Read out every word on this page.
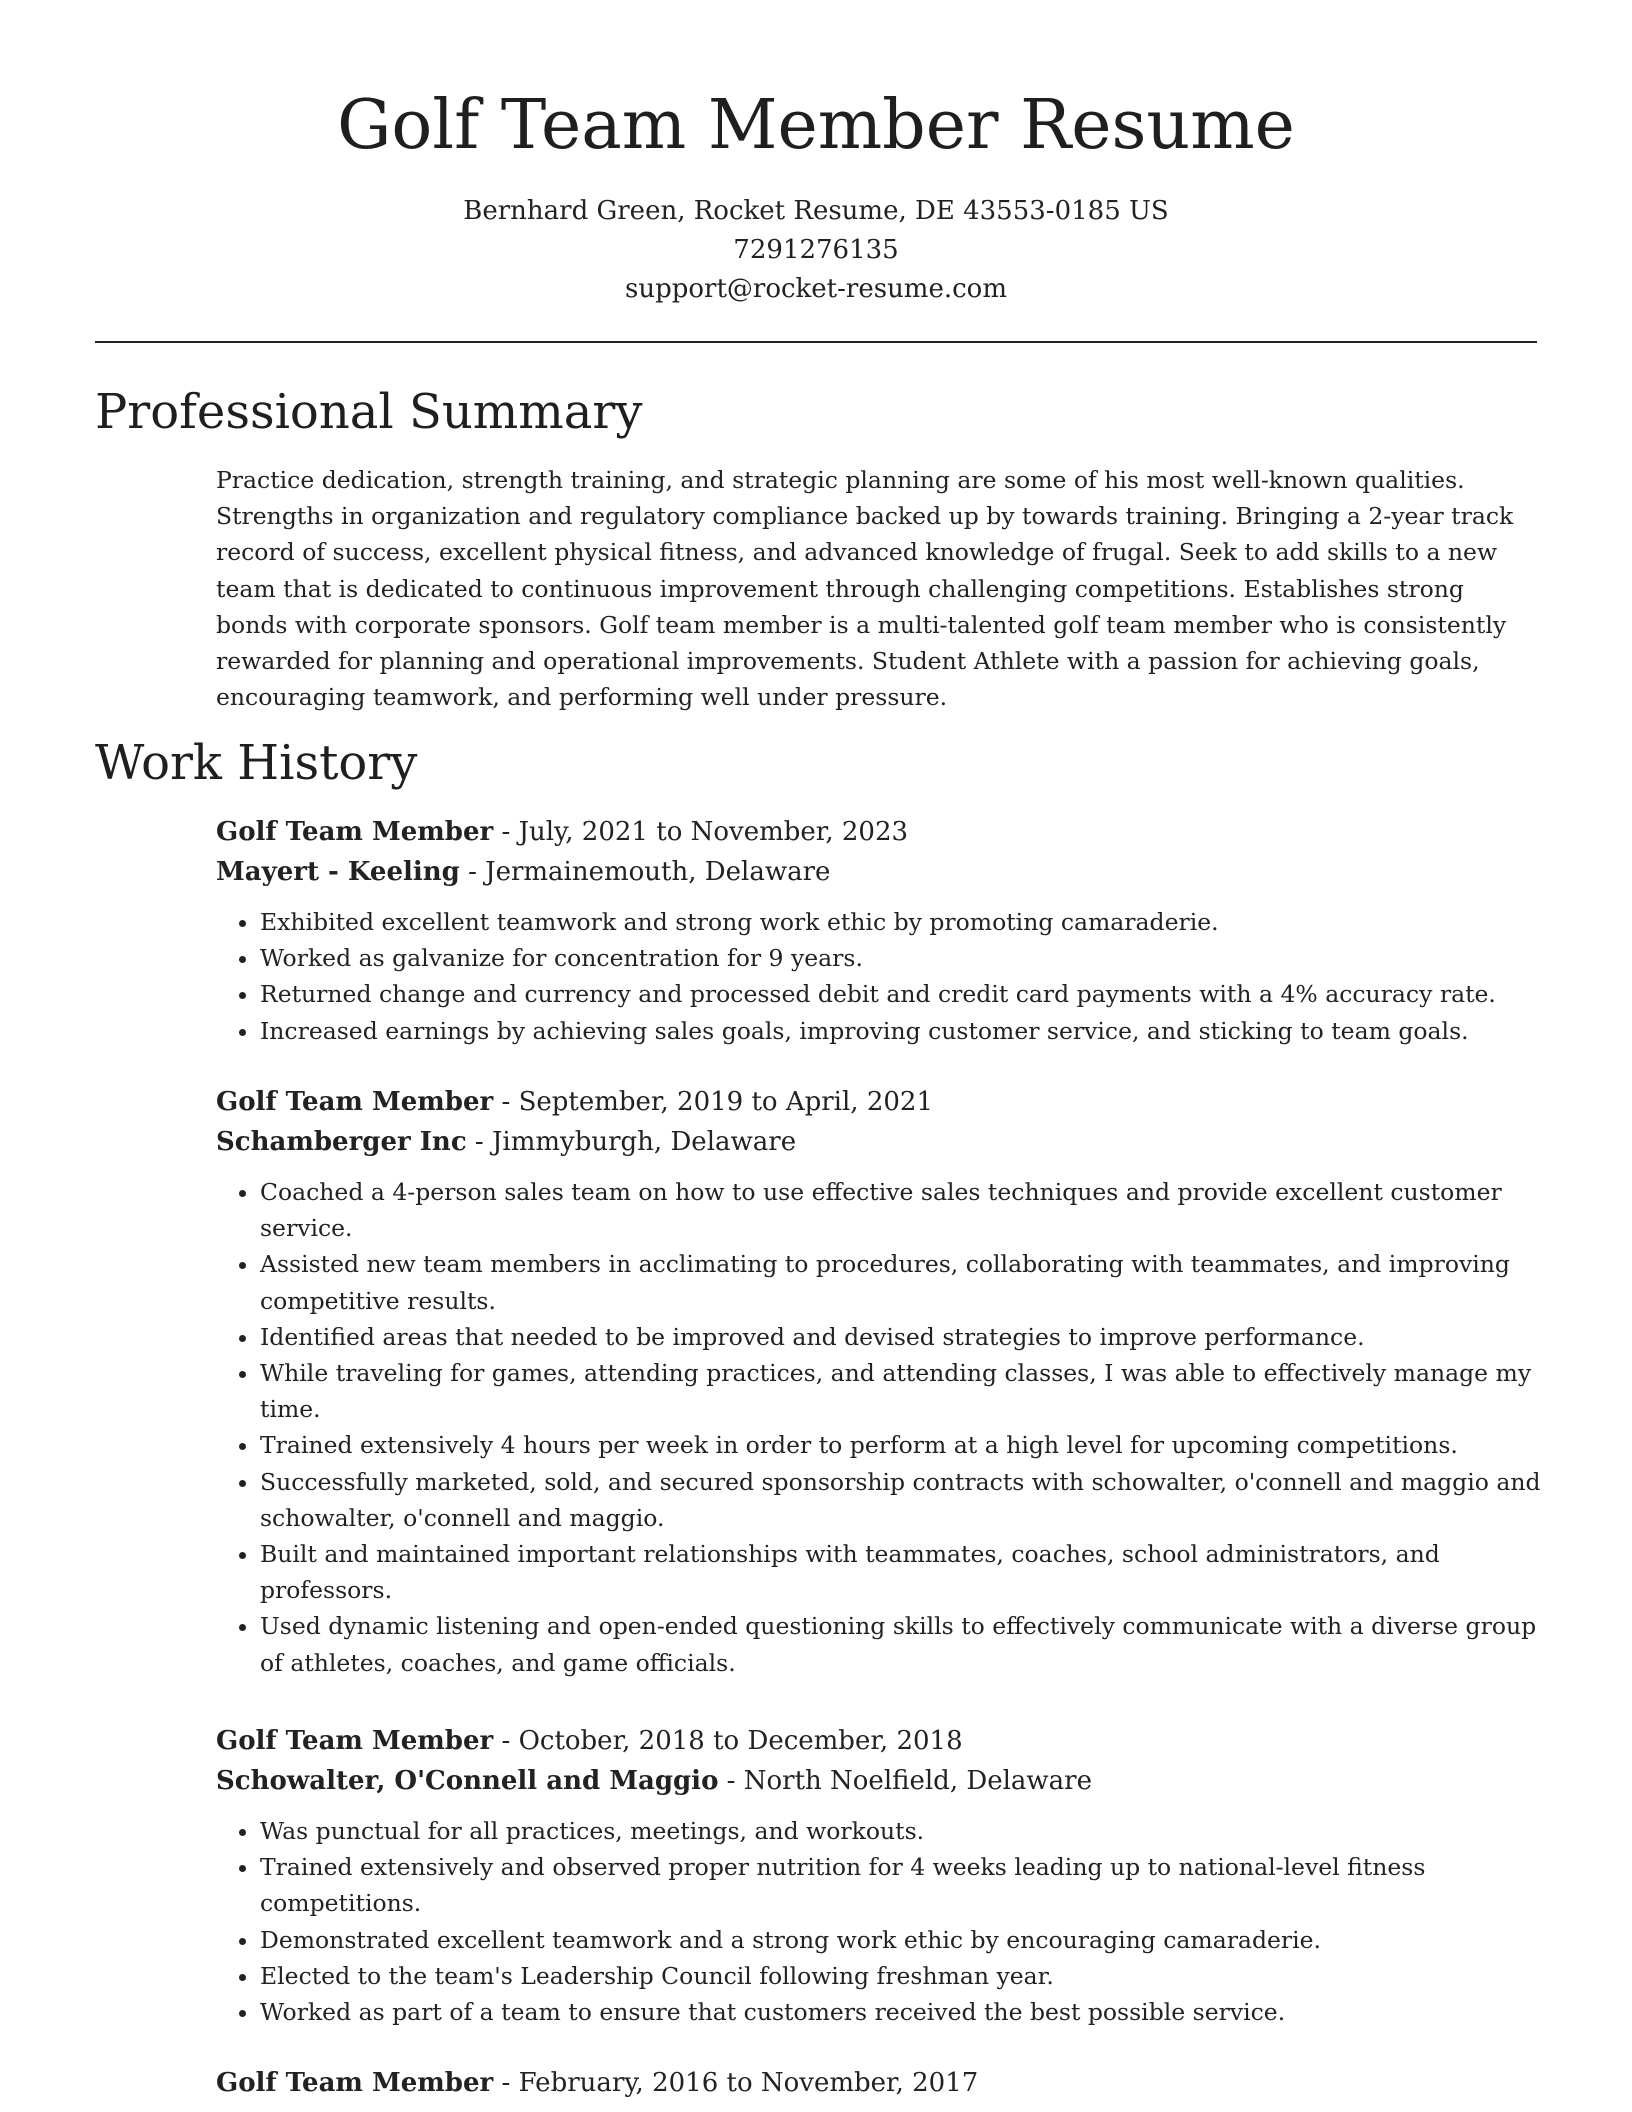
Golf Team Member Resume
Bernhard Green, Rocket Resume, DE 43553-0185 US
7291276135
support@rocket-resume.com
Professional Summary

Practice dedication, strength training, and strategic planning are some of his most well-known qualities. Strengths in organization and regulatory compliance backed up by towards training. Bringing a 2-year track record of success, excellent physical fitness, and advanced knowledge of frugal. Seek to add skills to a new team that is dedicated to continuous improvement through challenging competitions. Establishes strong bonds with corporate sponsors. Golf team member is a multi-talented golf team member who is consistently rewarded for planning and operational improvements. Student Athlete with a passion for achieving goals, encouraging teamwork, and performing well under pressure.

Work History
Golf Team Member - July, 2021 to November, 2023
Mayert - Keeling - Jermainemouth, Delaware
• Exhibited excellent teamwork and strong work ethic by promoting camaraderie.
• Worked as galvanize for concentration for 9 years.
• Returned change and currency and processed debit and credit card payments with a 4% accuracy rate.
• Increased earnings by achieving sales goals, improving customer service, and sticking to team goals.
Golf Team Member - September, 2019 to April, 2021
Schamberger Inc - Jimmyburgh, Delaware
• Coached a 4-person sales team on how to use effective sales techniques and provide excellent customer service.
• Assisted new team members in acclimating to procedures, collaborating with teammates, and improving competitive results.
• Identified areas that needed to be improved and devised strategies to improve performance.
• While traveling for games, attending practices, and attending classes, I was able to effectively manage my time.
• Trained extensively 4 hours per week in order to perform at a high level for upcoming competitions.
• Successfully marketed, sold, and secured sponsorship contracts with schowalter, o'connell and maggio and schowalter, o'connell and maggio.
• Built and maintained important relationships with teammates, coaches, school administrators, and professors.
• Used dynamic listening and open-ended questioning skills to effectively communicate with a diverse group of athletes, coaches, and game officials.
Golf Team Member - October, 2018 to December, 2018
Schowalter, O'Connell and Maggio - North Noelfield, Delaware
• Was punctual for all practices, meetings, and workouts.
• Trained extensively and observed proper nutrition for 4 weeks leading up to national-level fitness competitions.
• Demonstrated excellent teamwork and a strong work ethic by encouraging camaraderie.
• Elected to the team's Leadership Council following freshman year.
• Worked as part of a team to ensure that customers received the best possible service.
Golf Team Member - February, 2016 to November, 2017
